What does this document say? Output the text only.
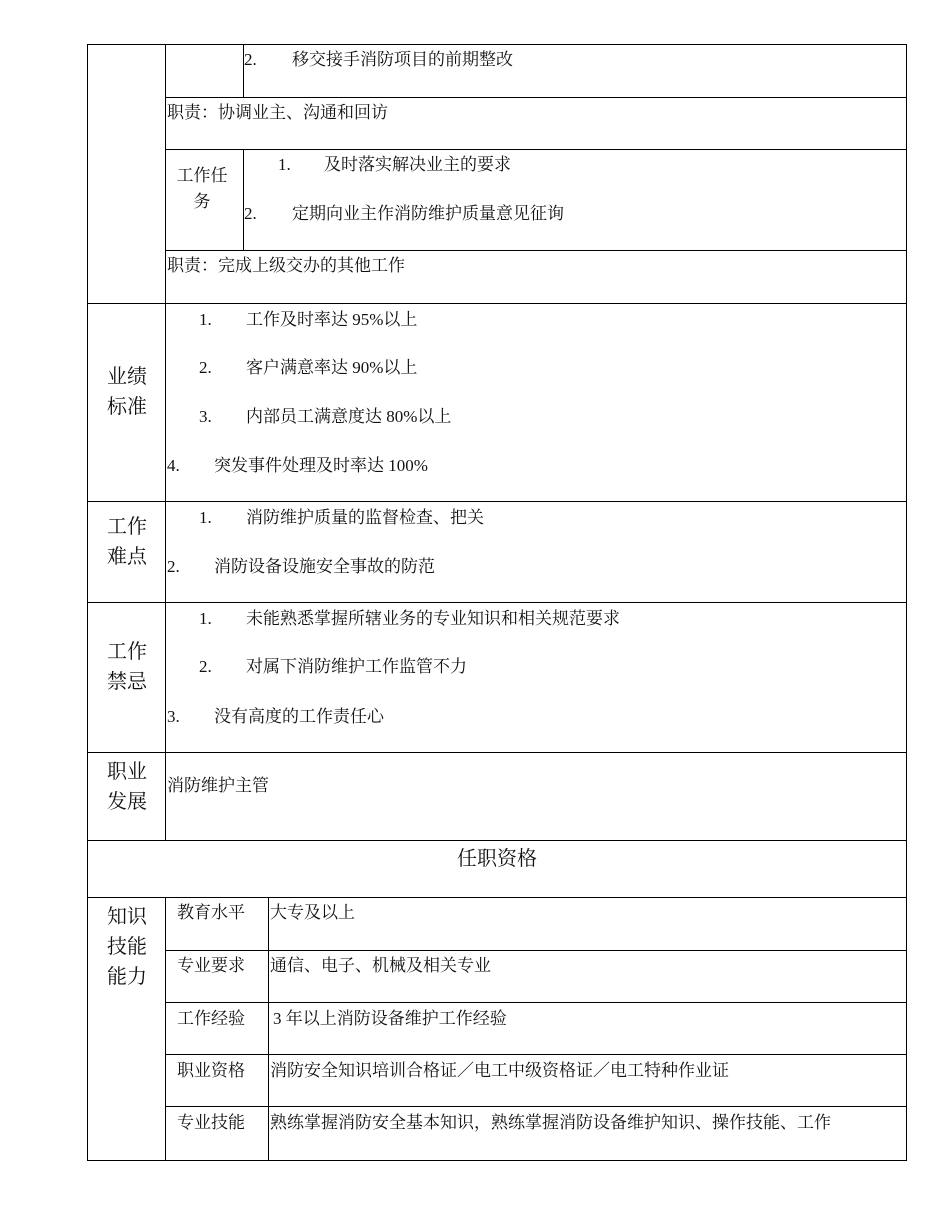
2. 移交接手消防项目的前期整改
职责：协调业主、沟通和回访
工作任务
1. 及时落实解决业主的要求
2. 定期向业主作消防维护质量意见征询
职责：完成上级交办的其他工作
业绩标准
1. 工作及时率达 95%以上
2. 客户满意率达 90%以上
3. 内部员工满意度达 80%以上
4. 突发事件处理及时率达 100%
工作难点
1. 消防维护质量的监督检查、把关
2. 消防设备设施安全事故的防范
工作禁忌
1. 未能熟悉掌握所辖业务的专业知识和相关规范要求
2. 对属下消防维护工作监管不力
3. 没有高度的工作责任心
职业发展
消防维护主管
任职资格
知识技能能力
教育水平 大专及以上
专业要求 通信、电子、机械及相关专业
工作经验 3 年以上消防设备维护工作经验
职业资格 消防安全知识培训合格证／电工中级资格证／电工特种作业证
专业技能 熟练掌握消防安全基本知识，熟练掌握消防设备维护知识、操作技能、工作
